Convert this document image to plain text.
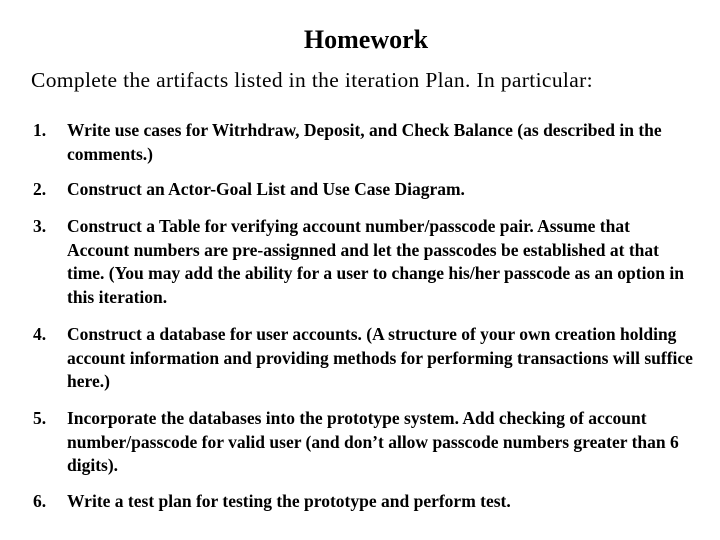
Homework
Complete the artifacts listed in the iteration Plan. In particular:
1.	Write use cases for Witrhdraw, Deposit, and Check Balance (as described in the comments.)
2.	Construct an Actor-Goal List and Use Case Diagram.
3.	Construct a Table for verifying account number/passcode pair. Assume that Account numbers are pre-assignned and let the passcodes be established at that time. (You may add the ability for a user to change his/her passcode as an option in this iteration.
4.	Construct a database for user accounts. (A structure of your own creation holding account information and providing methods for performing transactions will suffice here.)
5.	Incorporate the databases into the prototype system. Add checking of account number/passcode for valid user (and don’t allow passcode numbers greater than 6 digits).
6.	Write a test plan for testing the prototype and perform test.
